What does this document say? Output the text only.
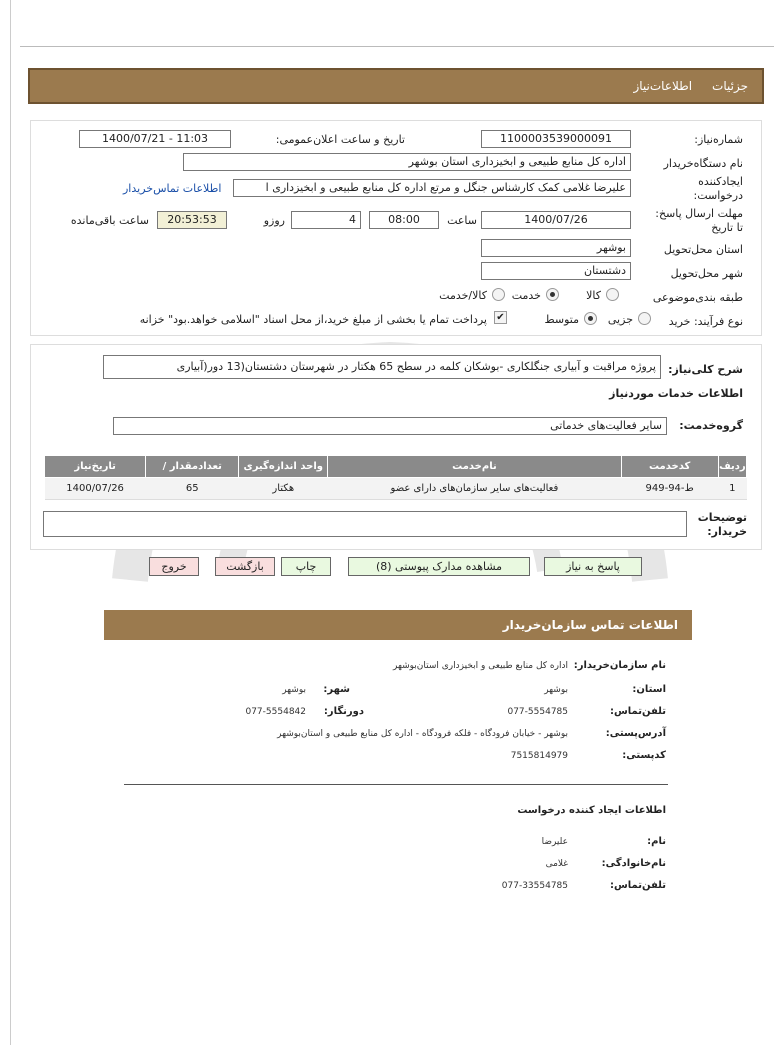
جزئیات
اطلاعات‌نیاز
شماره‌نیاز:
1100003539000091
تاریخ و ساعت اعلان‌عمومی:
1400/07/21 - 11:03
نام دستگاه‌خریدار
اداره کل منابع طبیعی و ابخیزداری استان بوشهر
ایجادکننده درخواست:
علیرضا غلامی کمک کارشناس جنگل و مرتع اداره کل منابع طبیعی و ابخیزداری ا
اطلاعات تماس‌خریدار
مهلت ارسال پاسخ: تا تاریخ
1400/07/26
ساعت
08:00
4
روزو
20:53:53
ساعت باقی‌مانده
استان محل‌تحویل
بوشهر
شهر محل‌تحویل
دشتستان
طبقه بندی‌موضوعی
کالا
خدمت
کالا/خدمت
نوع فرآیند: خرید
جزیی
متوسط
✔
پرداخت تمام یا بخشی از مبلغ خرید،از محل اسناد "اسلامی خواهد.بود" خزانه
شرح کلی‌نیاز:
پروژه مراقبت و آبیاری جنگلکاری -بوشکان کلمه در سطح 65 هکتار در شهرستان دشتستان(13 دور(آبیاری
اطلاعات خدمات موردنیاز
گروه‌خدمت:
سایر فعالیت‌های خدماتی
توضیحات خریدار:
ردیف	کدخدمت	نام‌خدمت	واحد اندازه‌گیری	تعدادمقدار /	تاریخ‌نیاز
1	ط-94-949	فعالیت‌های سایر سازمان‌های دارای عضو	هکتار	65	1400/07/26
پاسخ به نیاز
مشاهده مدارک پیوستی (8)
چاپ
بازگشت
خروج
اطلاعات تماس سازمان‌خریدار
نام سازمان‌خریدار:
اداره کل منابع طبیعی و ابخیزداری استان‌بوشهر
استان:
بوشهر
شهر:
بوشهر
تلفن‌تماس:
077-5554785
دورنگار:
077-5554842
آدرس‌پستی:
بوشهر - خیابان فرودگاه - فلکه فرودگاه - اداره کل منابع طبیعی و استان‌بوشهر
کدپستی:
7515814979
اطلاعات ایجاد کننده درخواست
نام:
علیرضا
نام‌خانوادگی:
غلامی
تلفن‌تماس:
077-33554785
